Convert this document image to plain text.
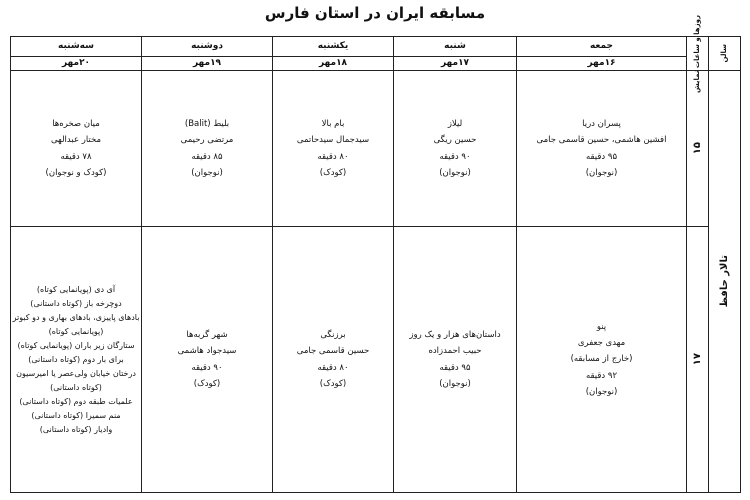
مسابقه ایران در استان فارس
سالن
روزها و ساعات نمایش
جمعه
۱۶مهر
شنبه
۱۷مهر
یکشنبه
۱۸مهر
دوشنبه
۱۹مهر
سه‌شنبه
۲۰مهر
تالار حافظ
۱۵
پسران دریا
افشین هاشمی، حسین قاسمی جامی
۹۵ دقیقه
(نوجوان)
لیلاز
حسین ریگی
۹۰ دقیقه
(نوجوان)
بام بالا
سیدجمال سیدحاتمی
۸۰ دقیقه
(کودک)
بلیط (Balit)
مرتضی رحیمی
۸۵ دقیقه
(نوجوان)
میان صخره‌ها
مختار عبدالهی
۷۸ دقیقه
(کودک و نوجوان)
۱۷
پنو
مهدی جعفری
(خارج از مسابقه)
۹۲ دقیقه
(نوجوان)
داستان‌های هزار و یک روز
حبیب احمدزاده
۹۵ دقیقه
(نوجوان)
برزنگی
حسین قاسمی جامی
۸۰ دقیقه
(کودک)
شهر گربه‌ها
سیدجواد هاشمی
۹۰ دقیقه
(کودک)
آی دی (پویانمایی کوتاه)
دوچرخه باز (کوتاه داستانی)
بادهای پاییزی، بادهای بهاری و دو کبوتر
(پویانمایی کوتاه)
ستارگان زیر باران (پویانمایی کوتاه)
برای بار دوم (کوتاه داستانی)
درختان خیابان ولی‌عصر یا امیرسیون
(کوتاه داستانی)
علمیات طبقه دوم (کوتاه داستانی)
منم سمیرا (کوتاه داستانی)
وادیار (کوتاه داستانی)
